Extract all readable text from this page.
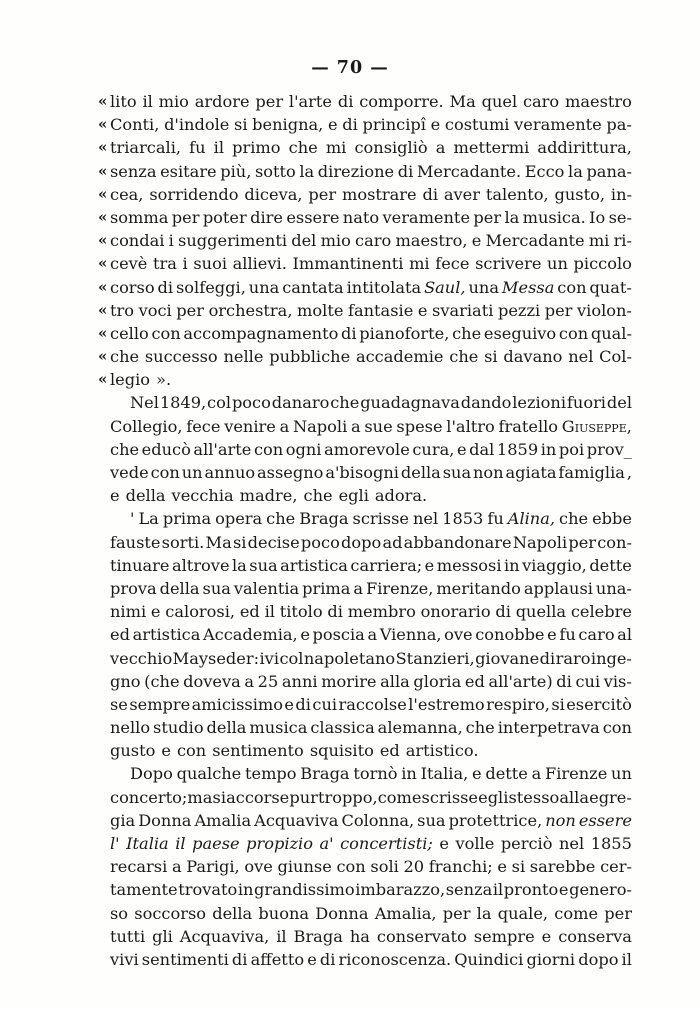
— 70 —
« lito il mio ardore per l'arte di comporre. Ma quel caro maestro
« Conti, d'indole si benigna, e di principî e costumi veramente pa-
« triarcali, fu il primo che mi consigliò a mettermi addirittura,
« senza esitare più, sotto la direzione di Mercadante. Ecco la pana-
« cea, sorridendo diceva, per mostrare di aver talento, gusto, in-
« somma per poter dire essere nato veramente per la musica. Io se-
« condai i suggerimenti del mio caro maestro, e Mercadante mi ri-
« cevè tra i suoi allievi. Immantinenti mi fece scrivere un piccolo
« corso di solfeggi, una cantata intitolata Saul, una Messa con quat-
« tro voci per orchestra, molte fantasie e svariati pezzi per violon-
« cello con accompagnamento di pianoforte, che eseguivo con qual-
« che successo nelle pubbliche accademie che si davano nel Col-
« legio ».
Nel 1849, col poco danaro che guadagnava dando lezioni fuori del
Collegio, fece venire a Napoli a sue spese l'altro fratello Giuseppe,
che educò all'arte con ogni amorevole cura, e dal 1859 in poi prov_
vede con un annuo assegno a'bisogni della sua non agiata famiglia ,
e della vecchia madre, che egli adora.
' La prima opera che Braga scrisse nel 1853 fu Alina, che ebbe
fauste sorti. Ma si decise poco dopo ad abbandonare Napoli per con-
tinuare altrove la sua artistica carriera; e messosi in viaggio, dette
prova della sua valentia prima a Firenze, meritando applausi una-
nimi e calorosi, ed il titolo di membro onorario di quella celebre
ed artistica Accademia, e poscia a Vienna, ove conobbe e fu caro al
vecchio Mayseder: ivi col napoletano Stanzieri, giovane di raro inge-
gno (che doveva a 25 anni morire alla gloria ed all'arte) di cui vis-
se sempre amicissimo e di cui raccolse l'estremo respiro, si esercitò
nello studio della musica classica alemanna, che interpetrava con
gusto e con sentimento squisito ed artistico.
Dopo qualche tempo Braga tornò in Italia, e dette a Firenze un
concerto; ma si accorse pur troppo, come scrisse egli stesso alla egre-
gia Donna Amalia Acquaviva Colonna, sua protettrice, non essere
l' Italia il paese propizio a' concertisti; e volle perciò nel 1855
recarsi a Parigi, ove giunse con soli 20 franchi; e si sarebbe cer-
tamente trovato in grandissimo imbarazzo, senza il pronto e genero-
so soccorso della buona Donna Amalia, per la quale, come per
tutti gli Acquaviva, il Braga ha conservato sempre e conserva
vivi sentimenti di affetto e di riconoscenza. Quindici giorni dopo il
